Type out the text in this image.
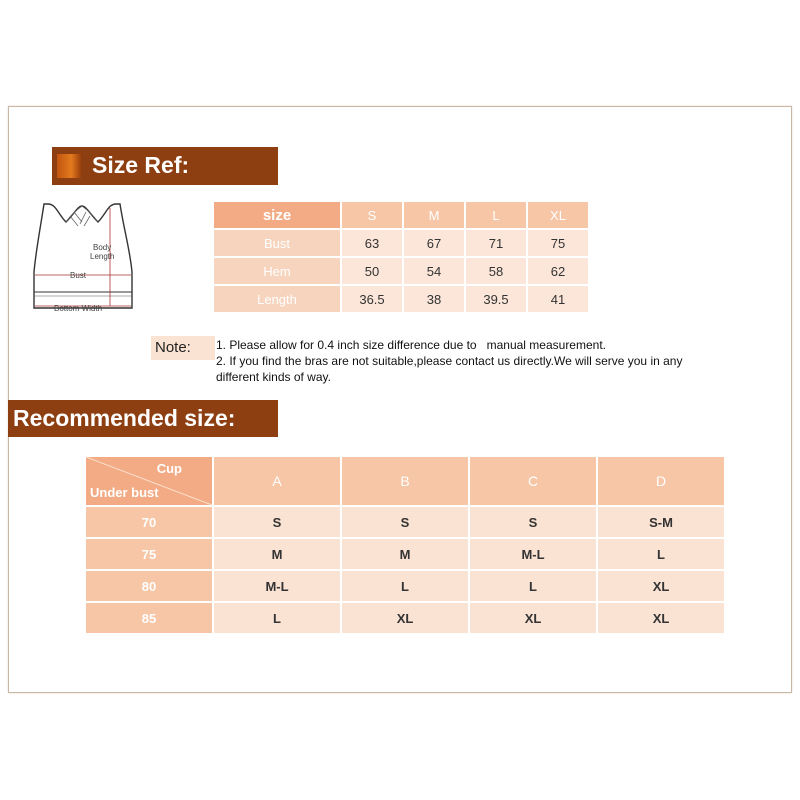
Size Ref:
Body
Length
Bust
Bottom Width
size	S	M	L	XL
Bust	63	67	71	75
Hem	50	54	58	62
Length	36.5	38	39.5	41
Note:	1. Please allow for 0.4 inch size difference due to   manual measurement.
2. If you find the bras are not suitable,please contact us directly.We will serve you in any
different kinds of way.
Recommended size:
Cup
Under bust	A	B	C	D
70	S	S	S	S-M
75	M	M	M-L	L
80	M-L	L	L	XL
85	L	XL	XL	XL
